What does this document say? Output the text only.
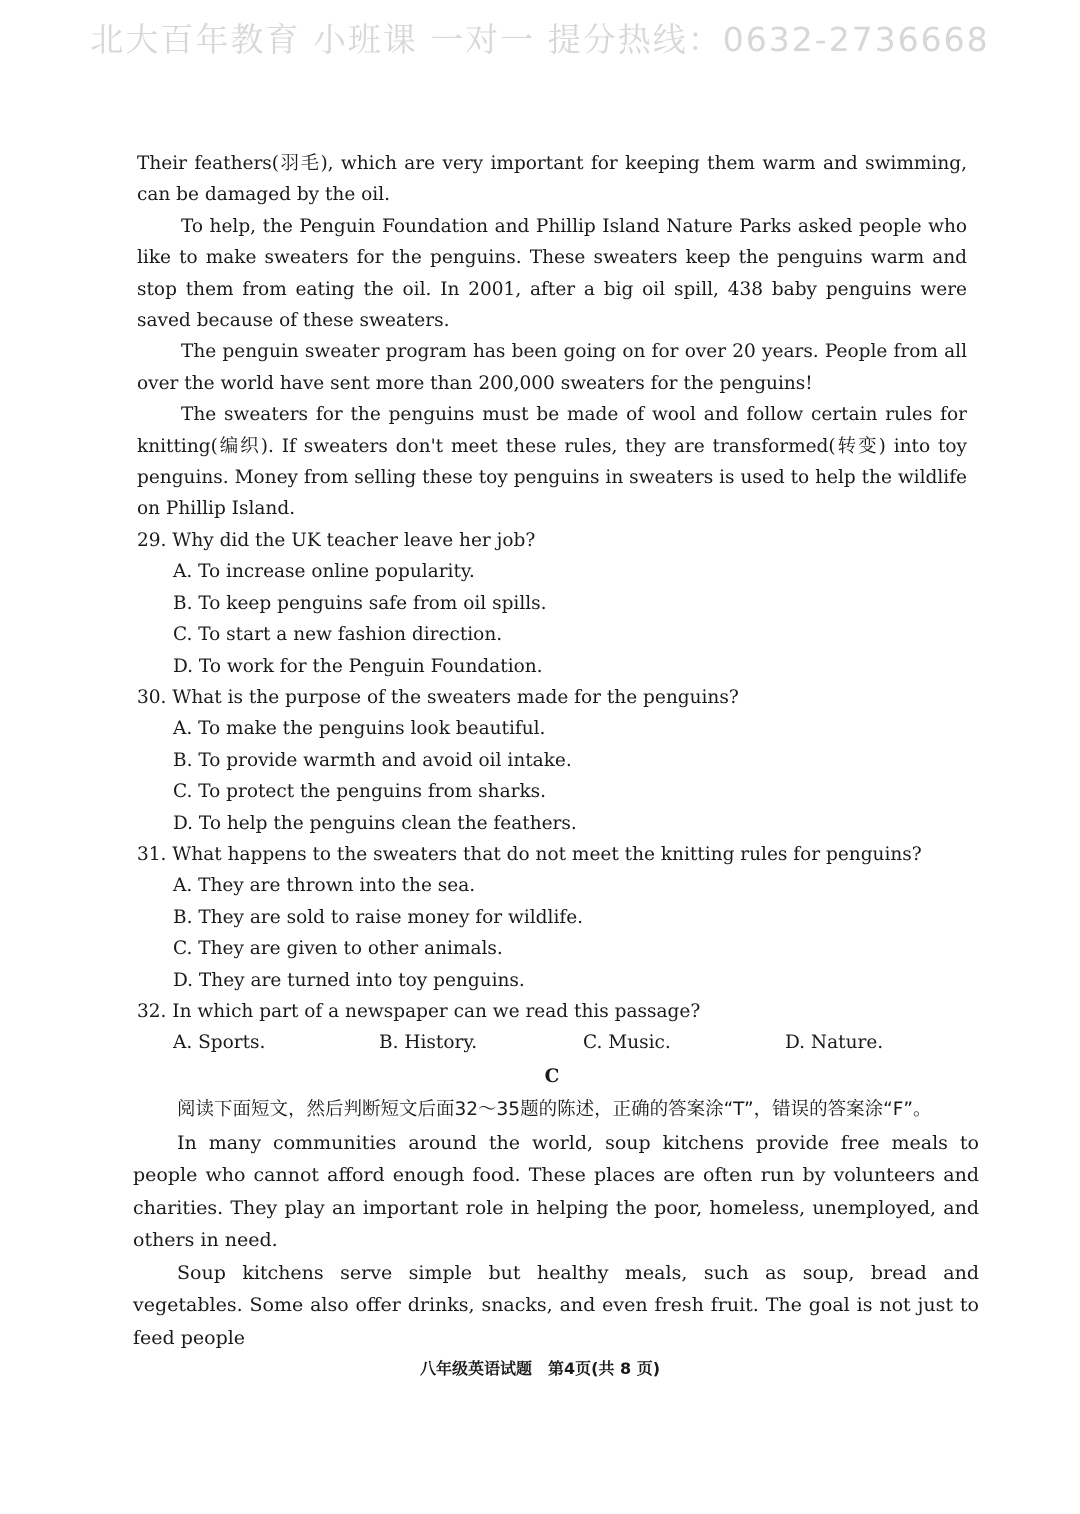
北大百年教育 小班课 一对一 提分热线：0632-2736668

Their feathers(羽毛), which are very important for keeping them warm and swimming, can be damaged by the oil.

To help, the Penguin Foundation and Phillip Island Nature Parks asked people who like to make sweaters for the penguins. These sweaters keep the penguins warm and stop them from eating the oil. In 2001, after a big oil spill, 438 baby penguins were saved because of these sweaters.

The penguin sweater program has been going on for over 20 years. People from all over the world have sent more than 200,000 sweaters for the penguins!

The sweaters for the penguins must be made of wool and follow certain rules for knitting(编织). If sweaters don't meet these rules, they are transformed(转变) into toy penguins. Money from selling these toy penguins in sweaters is used to help the wildlife on Phillip Island.

29. Why did the UK teacher leave her job?

A. To increase online popularity.

B. To keep penguins safe from oil spills.

C. To start a new fashion direction.

D. To work for the Penguin Foundation.

30. What is the purpose of the sweaters made for the penguins?

A. To make the penguins look beautiful.

B. To provide warmth and avoid oil intake.

C. To protect the penguins from sharks.

D. To help the penguins clean the feathers.

31. What happens to the sweaters that do not meet the knitting rules for penguins?

A. They are thrown into the sea.

B. They are sold to raise money for wildlife.

C. They are given to other animals.

D. They are turned into toy penguins.

32. In which part of a newspaper can we read this passage?

A. Sports.	B. History.	C. Music.	D. Nature.
C

阅读下面短文，然后判断短文后面32～35题的陈述，正确的答案涂“T”，错误的答案涂“F”。

In many communities around the world, soup kitchens provide free meals to people who cannot afford enough food. These places are often run by volunteers and charities. They play an important role in helping the poor, homeless, unemployed, and others in need.

Soup kitchens serve simple but healthy meals, such as soup, bread and vegetables. Some also offer drinks, snacks, and even fresh fruit. The goal is not just to feed people

八年级英语试题　第4页(共 8 页)
